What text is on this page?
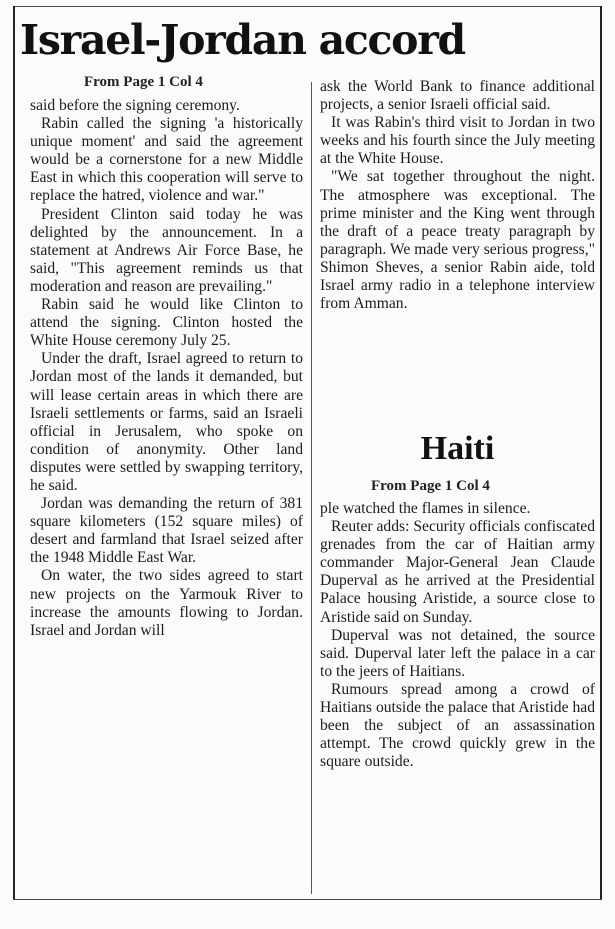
Israel-Jordan accord
From Page 1 Col 4

said before the signing ceremony.

Rabin called the signing 'a historically unique moment' and said the agreement would be a cornerstone for a new Middle East in which this cooperation will serve to replace the hatred, violence and war."

President Clinton said today he was delighted by the announcement. In a statement at Andrews Air Force Base, he said, "This agreement reminds us that moderation and reason are prevailing."

Rabin said he would like Clinton to attend the signing. Clinton hosted the White House ceremony July 25.

Under the draft, Israel agreed to return to Jordan most of the lands it demanded, but will lease certain areas in which there are Israeli settlements or farms, said an Israeli official in Jerusalem, who spoke on condition of anonymity. Other land disputes were settled by swapping territory, he said.

Jordan was demanding the return of 381 square kilometers (152 square miles) of desert and farmland that Israel seized after the 1948 Middle East War.

On water, the two sides agreed to start new projects on the Yarmouk River to increase the amounts flowing to Jordan. Israel and Jordan will

ask the World Bank to finance additional projects, a senior Israeli official said.

It was Rabin's third visit to Jordan in two weeks and his fourth since the July meeting at the White House.

"We sat together throughout the night. The atmosphere was exceptional. The prime minister and the King went through the draft of a peace treaty paragraph by paragraph. We made very serious progress," Shimon Sheves, a senior Rabin aide, told Israel army radio in a telephone interview from Amman.

Haiti
From Page 1 Col 4

ple watched the flames in silence.

Reuter adds: Security officials confiscated grenades from the car of Haitian army commander Major-General Jean Claude Duperval as he arrived at the Presidential Palace housing Aristide, a source close to Aristide said on Sunday.

Duperval was not detained, the source said. Duperval later left the palace in a car to the jeers of Haitians.

Rumours spread among a crowd of Haitians outside the palace that Aristide had been the subject of an assassination attempt. The crowd quickly grew in the square outside.
